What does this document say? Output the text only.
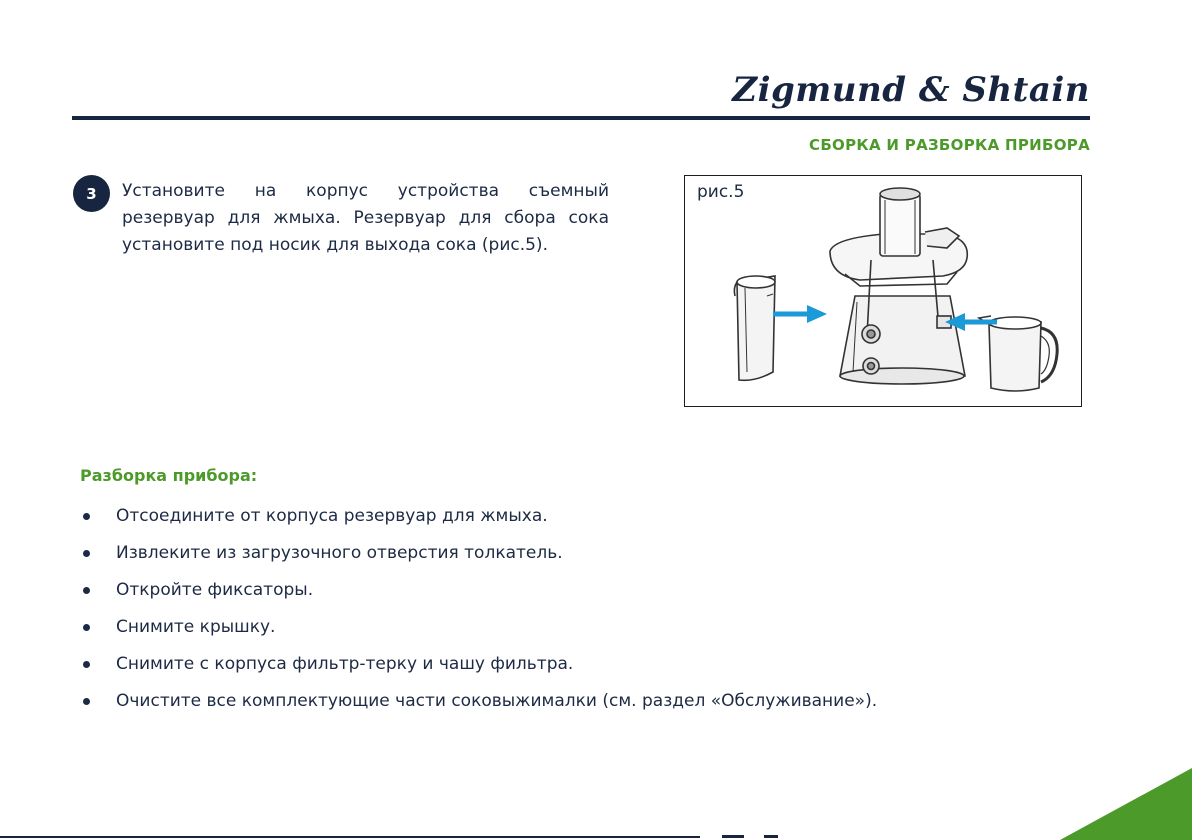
Zigmund & Shtain
СБОРКА И РАЗБОРКА ПРИБОРА
3	Установите на корпус устройства съемный
резервуар для жмыха. Резервуар для сбора сока
установите под носик для выхода сока (рис.5).
рис.5
Разборка прибора:
Отсоедините от корпуса резервуар для жмыха.
Извлеките из загрузочного отверстия толкатель.
Откройте фиксаторы.
Снимите крышку.
Снимите с корпуса фильтр-терку и чашу фильтра.
Очистите все комплектующие части соковыжималки (см. раздел «Обслуживание»).
